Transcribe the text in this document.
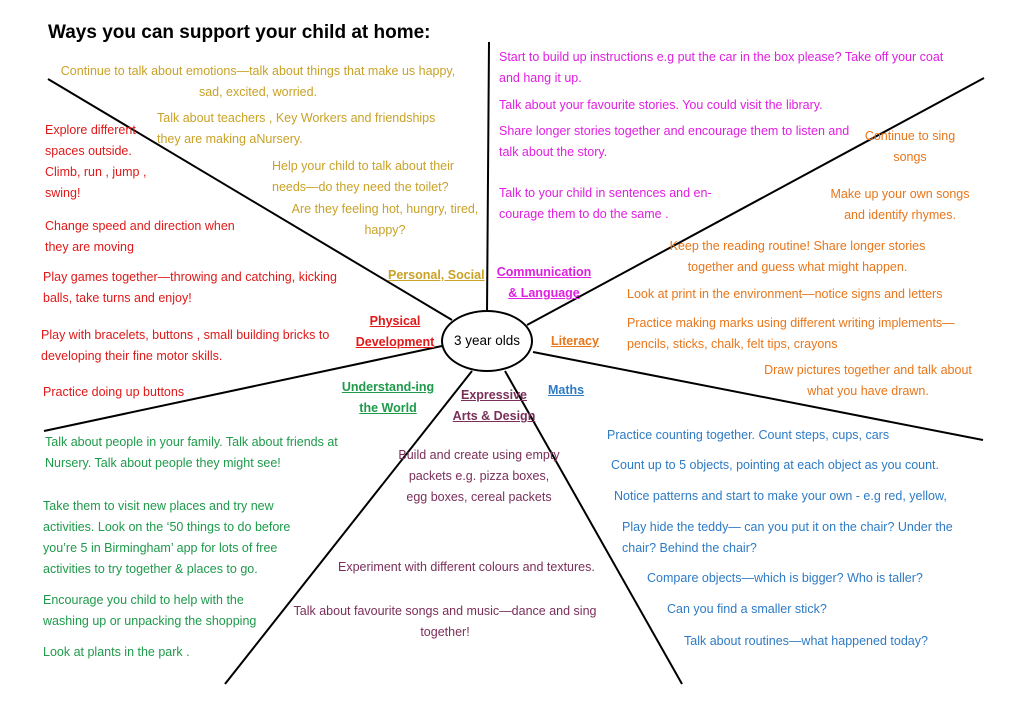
Ways you can support your child at home:
3 year olds
Personal, Social Communication & Language
Literacy
Maths
Expressive Arts & Design
Understand-ing the World
Physical Development

Continue to talk about emotions—talk about things that make us happy, sad, excited, worried.

Talk about teachers , Key Workers and friendships they are making aNursery.

Help your child to talk about their needs—do they need the toilet?

Are they feeling hot, hungry, tired, happy?

Start to build up instructions e.g put the car in the box please? Take off your coat and hang it up.

Talk about your favourite stories. You could visit the library.

Share longer stories together and encourage them to listen and talk about the story.

Talk to your child in sentences and en-courage them to do the same .

Continue to sing songs

Make up your own songs and identify rhymes.

Keep the reading routine! Share longer stories together and guess what might happen.

Look at print in the environment—notice signs and letters

Practice making marks using different writing implements—pencils, sticks, chalk, felt tips, crayons

Draw pictures together and talk about what you have drawn.

Practice counting together. Count steps, cups, cars

Count up to 5 objects, pointing at each object as you count.

Notice patterns and start to make your own - e.g red, yellow,

Play hide the teddy— can you put it on the chair? Under the chair? Behind the chair?

Compare objects—which is bigger? Who is taller?

Can you find a smaller stick?

Talk about routines—what happened today?

Build and create using empty packets e.g. pizza boxes, egg boxes, cereal packets

Experiment with different colours and textures.

Talk about favourite songs and music—dance and sing together!

Talk about people in your family. Talk about friends at Nursery. Talk about people they might see!

Take them to visit new places and try new activities. Look on the ‘50 things to do before you’re 5 in Birmingham’ app for lots of free activities to try together & places to go.

Encourage you child to help with the washing up or unpacking the shopping

Look at plants in the park .

Explore different spaces outside. Climb, run , jump , swing!

Change speed and direction when they are moving

Play games together—throwing and catching, kicking balls, take turns and enjoy!

Play with bracelets, buttons , small building bricks to developing their fine motor skills.

Practice doing up buttons
